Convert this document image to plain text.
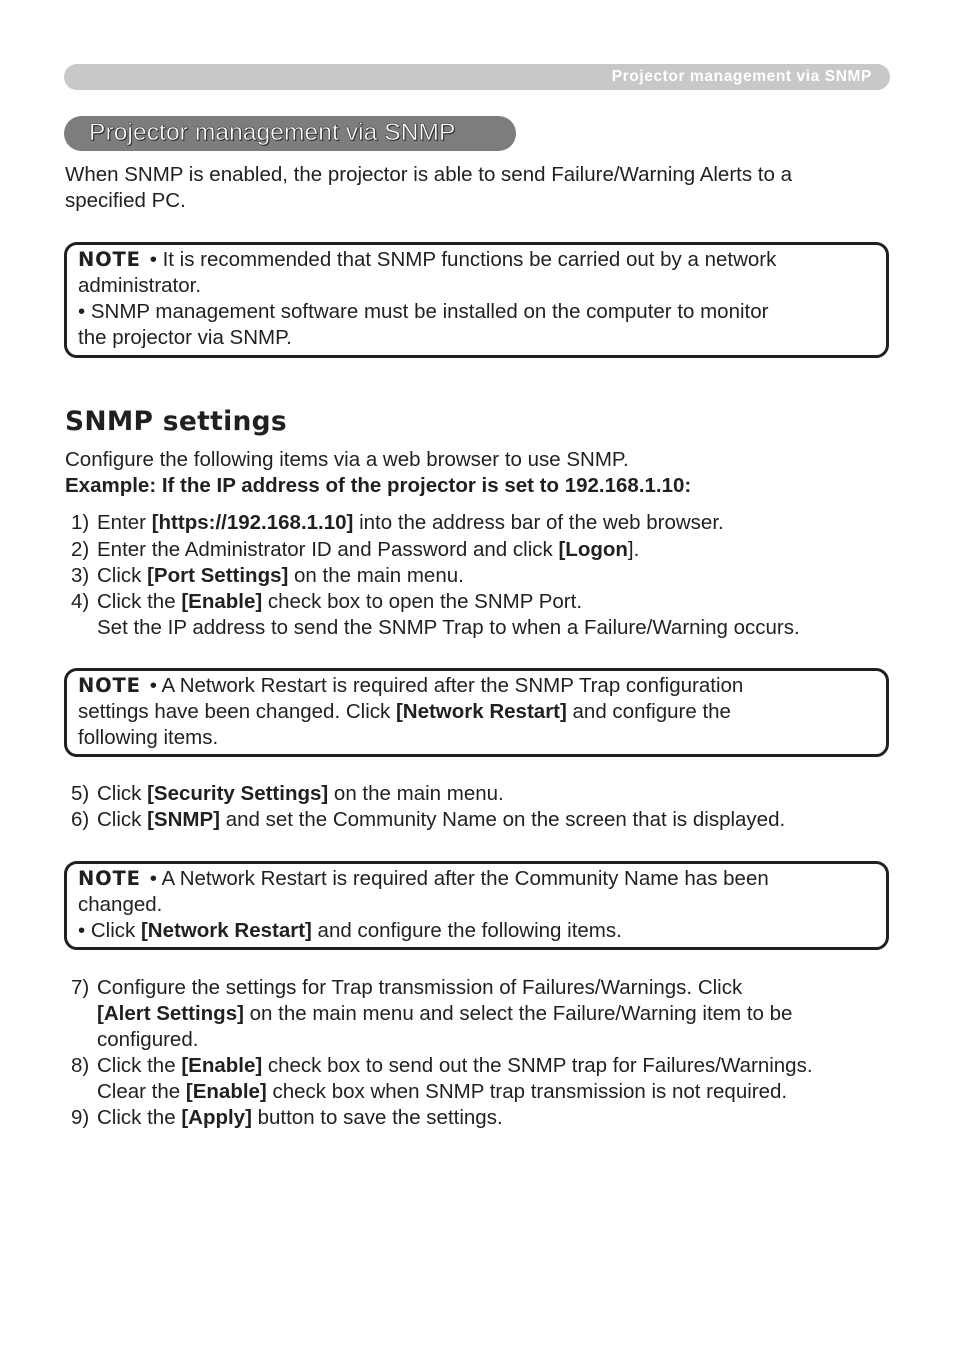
Projector management via SNMP
Projector management via SNMP

When SNMP is enabled, the projector is able to send Failure/Warning Alerts to a
specified PC.

NOTE • It is recommended that SNMP functions be carried out by a network
administrator.
• SNMP management software must be installed on the computer to monitor
the projector via SNMP.
SNMP settings

Configure the following items via a web browser to use SNMP.
Example: If the IP address of the projector is set to 192.168.1.10:

1) Enter [https://192.168.1.10] into the address bar of the web browser.
2) Enter the Administrator ID and Password and click [Logon].
3) Click [Port Settings] on the main menu.
4) Click the [Enable] check box to open the SNMP Port.
Set the IP address to send the SNMP Trap to when a Failure/Warning occurs.
NOTE • A Network Restart is required after the SNMP Trap configuration
settings have been changed. Click [Network Restart] and configure the
following items.
5) Click [Security Settings] on the main menu.
6) Click [SNMP] and set the Community Name on the screen that is displayed.
NOTE • A Network Restart is required after the Community Name has been
changed.
• Click [Network Restart] and configure the following items.
7) Configure the settings for Trap transmission of Failures/Warnings. Click
[Alert Settings] on the main menu and select the Failure/Warning item to be
configured.
8) Click the [Enable] check box to send out the SNMP trap for Failures/Warnings.
Clear the [Enable] check box when SNMP trap transmission is not required.
9) Click the [Apply] button to save the settings.
